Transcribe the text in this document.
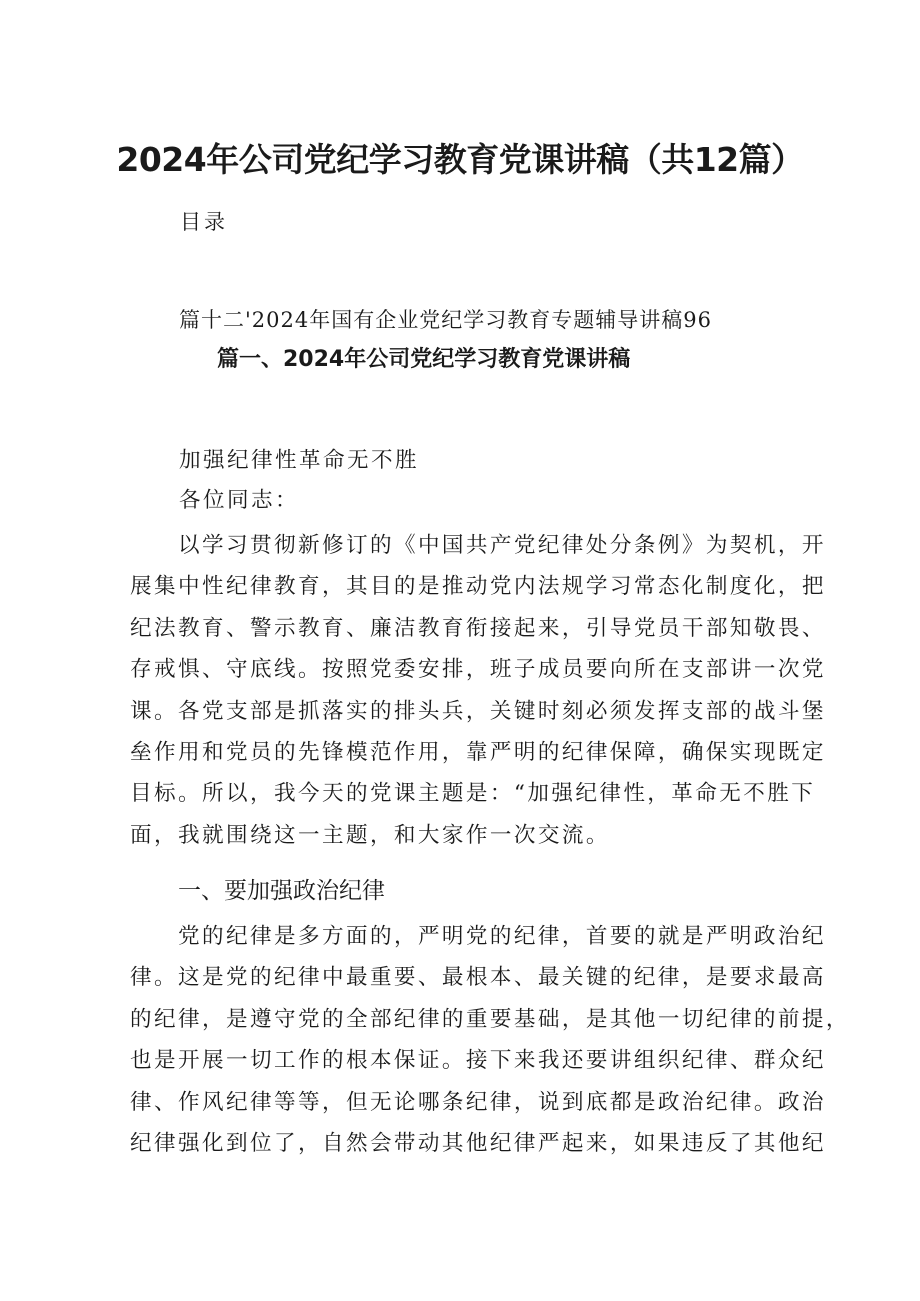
2024年公司党纪学习教育党课讲稿（共12篇）
目录
篇十二'2024年国有企业党纪学习教育专题辅导讲稿96
篇一、2024年公司党纪学习教育党课讲稿
加强纪律性革命无不胜
各位同志：
以学习贯彻新修订的《中国共产党纪律处分条例》为契机，开
展集中性纪律教育，其目的是推动党内法规学习常态化制度化，把
纪法教育、警示教育、廉洁教育衔接起来，引导党员干部知敬畏、
存戒惧、守底线。按照党委安排，班子成员要向所在支部讲一次党
课。各党支部是抓落实的排头兵，关键时刻必须发挥支部的战斗堡
垒作用和党员的先锋模范作用，靠严明的纪律保障，确保实现既定
目标。所以，我今天的党课主题是：“加强纪律性，革命无不胜下
面，我就围绕这一主题，和大家作一次交流。
一、要加强政治纪律
党的纪律是多方面的，严明党的纪律，首要的就是严明政治纪
律。这是党的纪律中最重要、最根本、最关键的纪律，是要求最高
的纪律，是遵守党的全部纪律的重要基础，是其他一切纪律的前提，
也是开展一切工作的根本保证。接下来我还要讲组织纪律、群众纪
律、作风纪律等等，但无论哪条纪律，说到底都是政治纪律。政治
纪律强化到位了，自然会带动其他纪律严起来，如果违反了其他纪
